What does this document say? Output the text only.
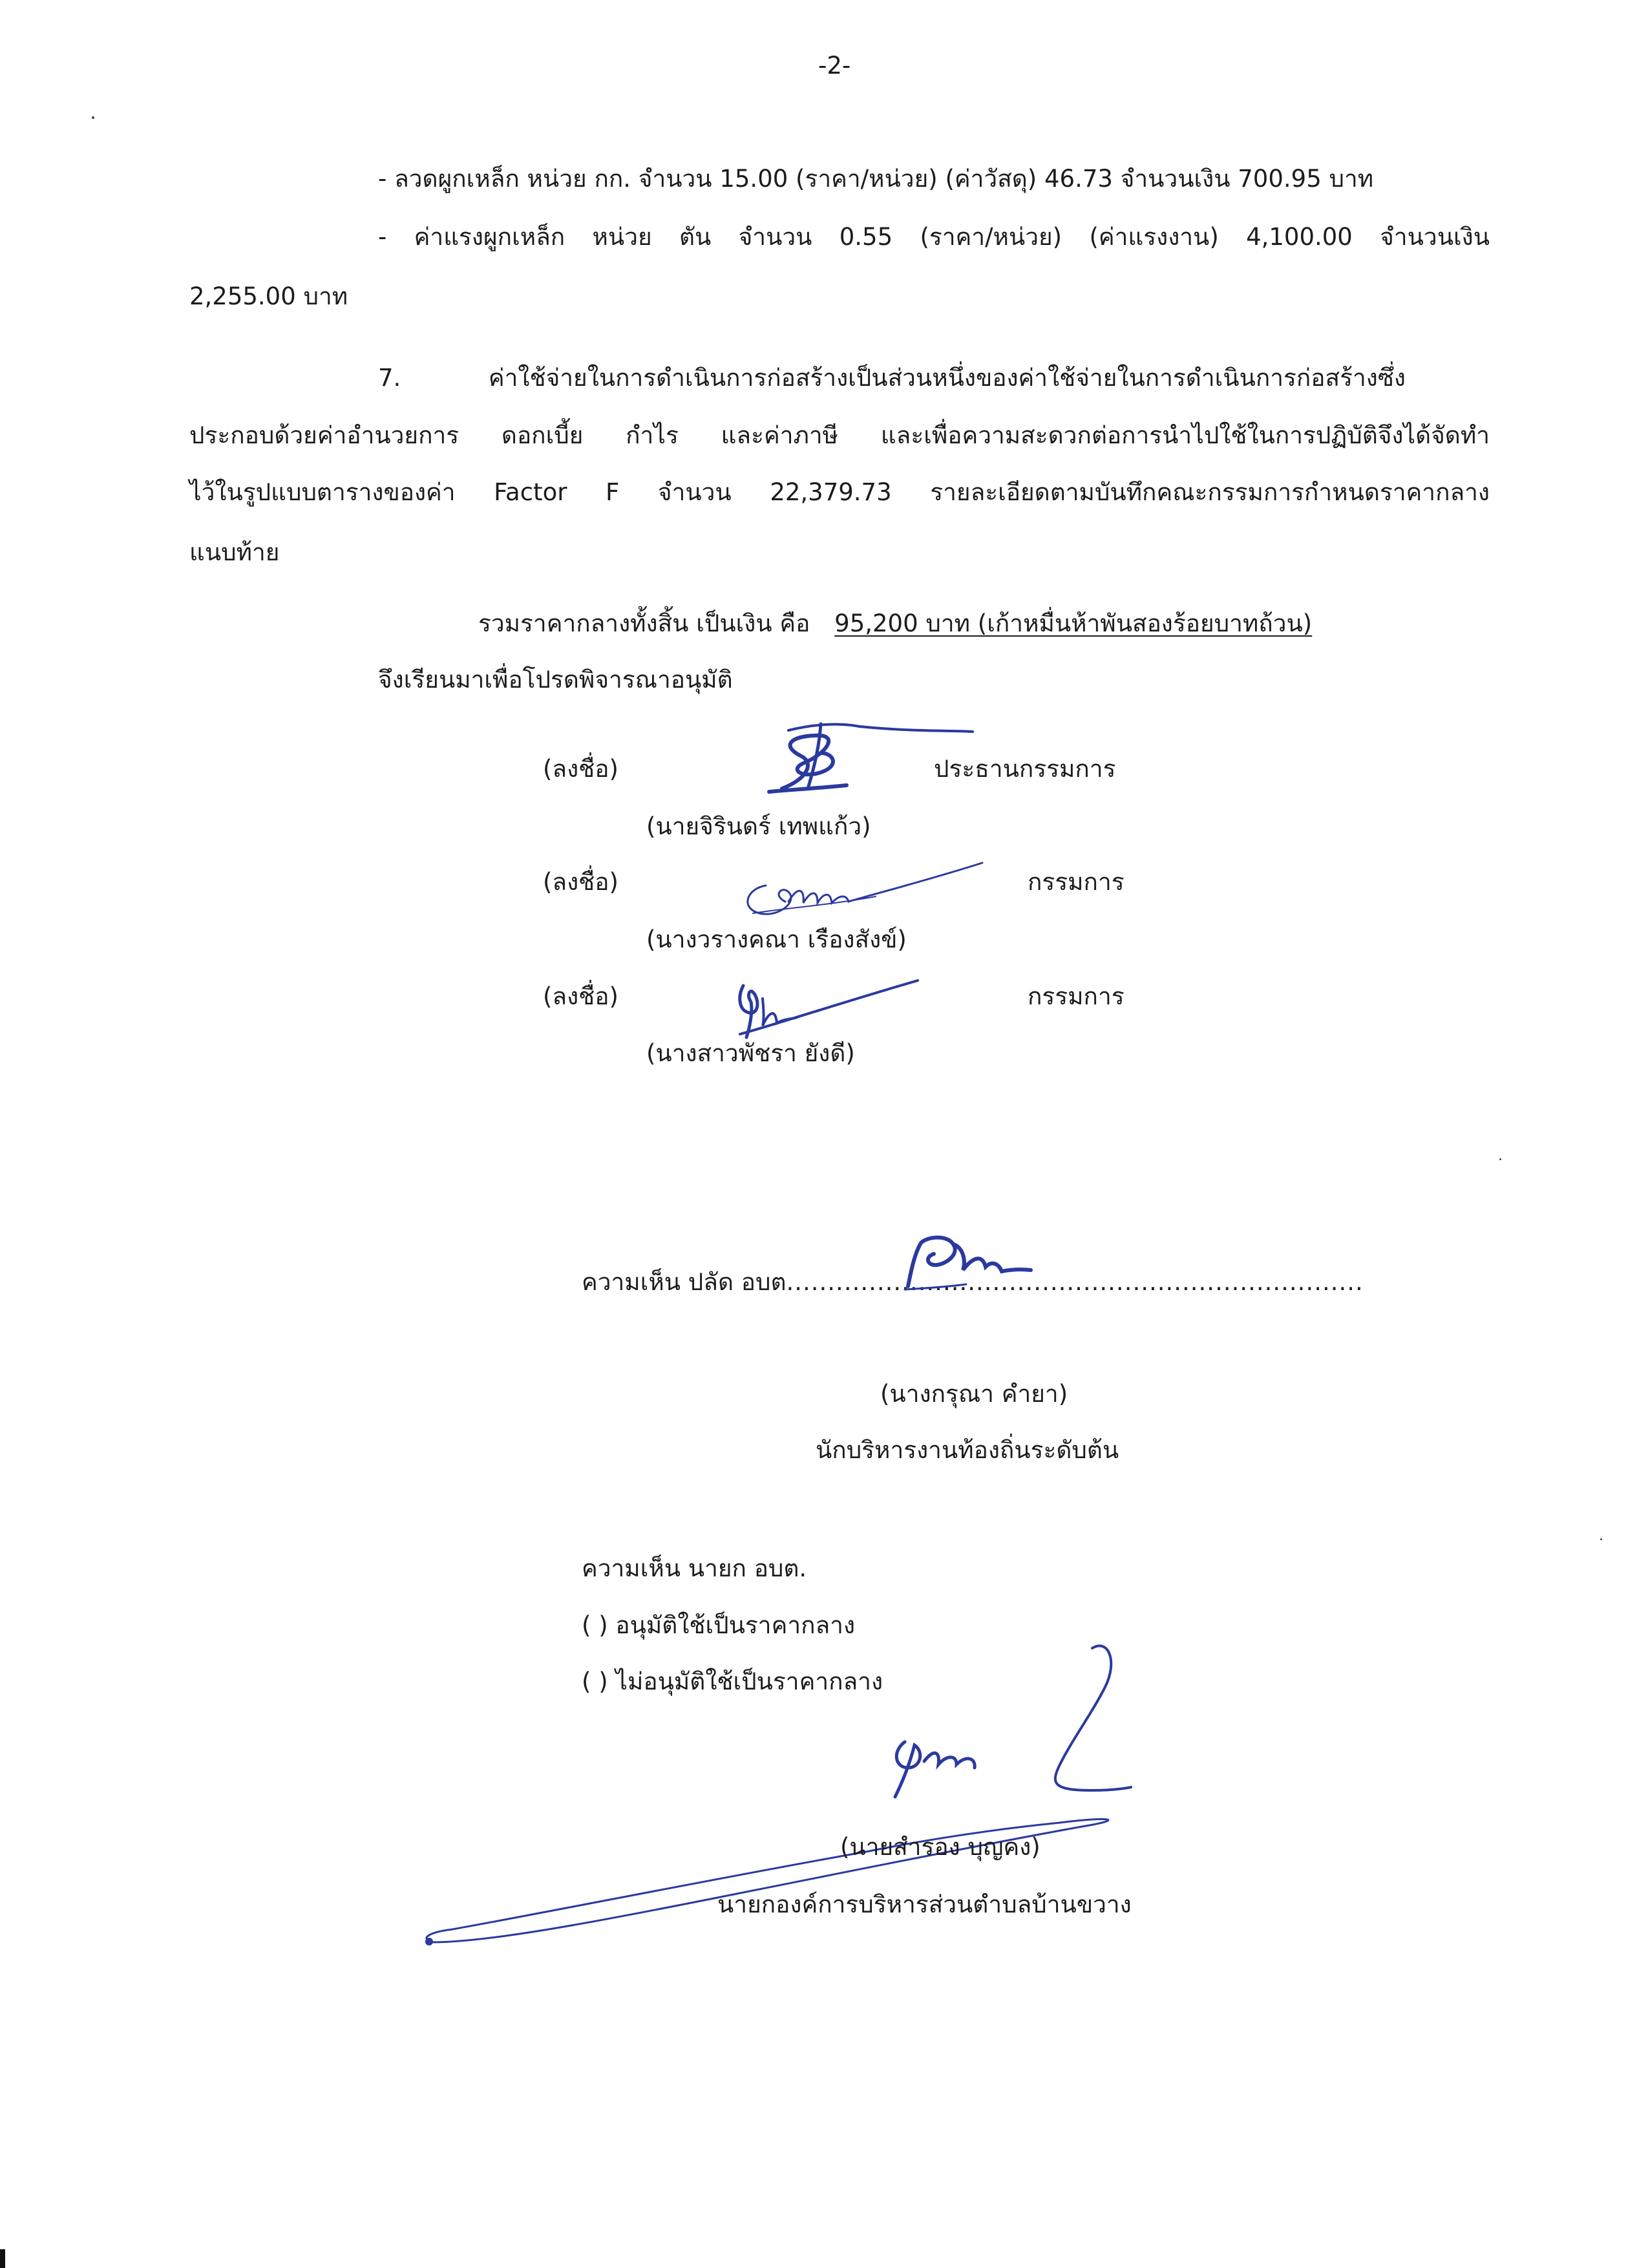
-2-

- ลวดผูกเหล็ก หน่วย กก. จำนวน 15.00 (ราคา/หน่วย) (ค่าวัสดุ) 46.73 จำนวนเงิน 700.95 บาท

- ค่าแรงผูกเหล็ก หน่วย ตัน จำนวน 0.55 (ราคา/หน่วย) (ค่าแรงงาน) 4,100.00 จำนวนเงิน

2,255.00 บาท

7. ค่าใช้จ่ายในการดำเนินการก่อสร้างเป็นส่วนหนึ่งของค่าใช้จ่ายในการดำเนินการก่อสร้างซึ่ง

ประกอบด้วยค่าอำนวยการ ดอกเบี้ย กำไร และค่าภาษี และเพื่อความสะดวกต่อการนำไปใช้ในการปฏิบัติจึงได้จัดทำ

ไว้ในรูปแบบตารางของค่า Factor F จำนวน 22,379.73 รายละเอียดตามบันทึกคณะกรรมการกำหนดราคากลาง

แนบท้าย

รวมราคากลางทั้งสิ้น เป็นเงิน คือ 95,200 บาท (เก้าหมื่นห้าพันสองร้อยบาทถ้วน)

จึงเรียนมาเพื่อโปรดพิจารณาอนุมัติ

(ลงชื่อ)	ประธานกรรมการ

(นายจิรินดร์ เทพแก้ว)

(ลงชื่อ)	กรรมการ

(นางวรางคณา เรืองสังข์)

(ลงชื่อ)	กรรมการ

(นางสาวพัชรา ยังดี)

ความเห็น ปลัด อบต......................................................................

(นางกรุณา คำยา)

นักบริหารงานท้องถิ่นระดับต้น

ความเห็น นายก อบต.

( ) อนุมัติใช้เป็นราคากลาง

( ) ไม่อนุมัติใช้เป็นราคากลาง

(นายสำรอง บุญคง)

นายกองค์การบริหารส่วนตำบลบ้านขวาง
